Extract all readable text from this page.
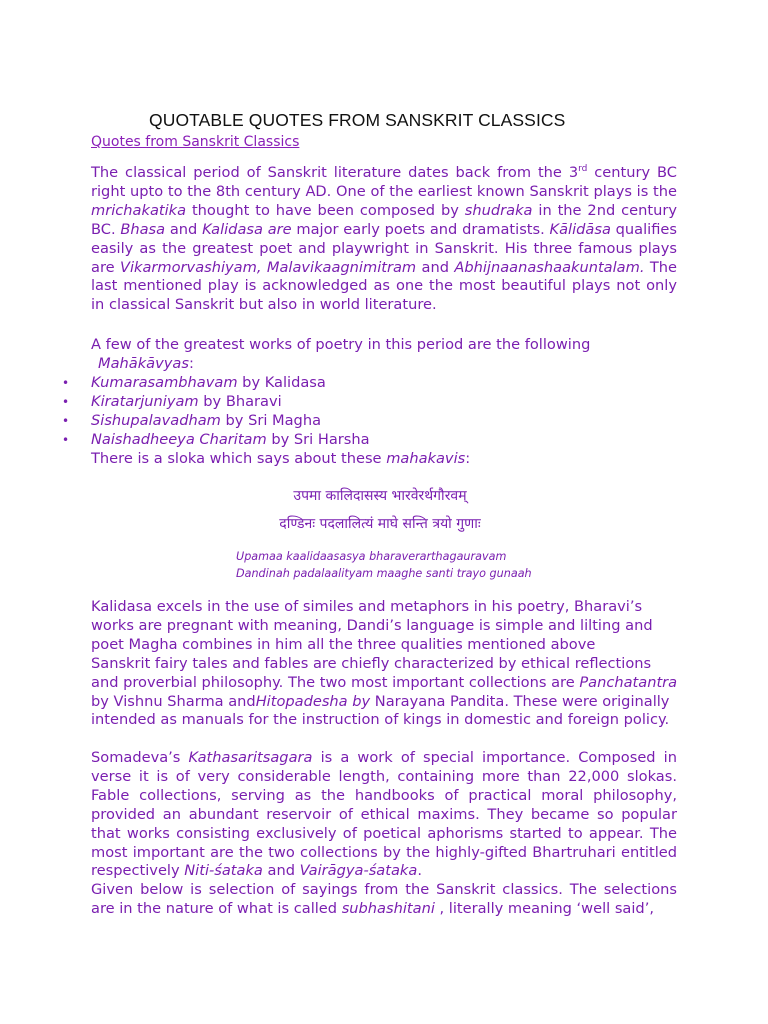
QUOTABLE QUOTES FROM SANSKRIT CLASSICS
Quotes from Sanskrit Classics

The classical period of Sanskrit literature dates back from the 3rd century BC right upto to the 8th century AD. One of the earliest known Sanskrit plays is the mrichakatika thought to have been composed by shudraka in the 2nd century BC. Bhasa and Kalidasa are major early poets and dramatists. Kālidāsa qualifies easily as the greatest poet and playwright in Sanskrit. His three famous plays are Vikarmorvashiyam, Malavikaagnimitram and Abhijnaanashaakuntalam. The last mentioned play is acknowledged as one the most beautiful plays not only in classical Sanskrit but also in world literature.

A few of the greatest works of poetry in this period are the following

Mahākāvyas:

• Kumarasambhavam by Kalidasa
• Kiratarjuniyam by Bharavi
• Sishupalavadham by Sri Magha
• Naishadheeya Charitam by Sri Harsha

There is a sloka which says about these mahakavis:

उपमा कालिदासस्य भारवेरर्थगौरवम्
दण्डिनः पदलालित्यं माघे सन्ति त्रयो गुणाः
Upamaa kaalidaasasya bharaverarthagauravam
Dandinah padalaalityam maaghe santi trayo gunaah

Kalidasa excels in the use of similes and metaphors in his poetry, Bharavi’s works are pregnant with meaning, Dandi’s language is simple and lilting and poet Magha combines in him all the three qualities mentioned above

Sanskrit fairy tales and fables are chiefly characterized by ethical reflections and proverbial philosophy. The two most important collections are Panchatantra by Vishnu Sharma andHitopadesha by Narayana Pandita. These were originally intended as manuals for the instruction of kings in domestic and foreign policy.

Somadeva’s Kathasaritsagara is a work of special importance. Composed in verse it is of very considerable length, containing more than 22,000 slokas. Fable collections, serving as the handbooks of practical moral philosophy, provided an abundant reservoir of ethical maxims. They became so popular that works consisting exclusively of poetical aphorisms started to appear. The most important are the two collections by the highly-gifted Bhartruhari entitled respectively Niti-śataka and Vairāgya-śataka.

Given below is selection of sayings from the Sanskrit classics. The selections are in the nature of what is called subhashitani , literally meaning ‘well said’,
